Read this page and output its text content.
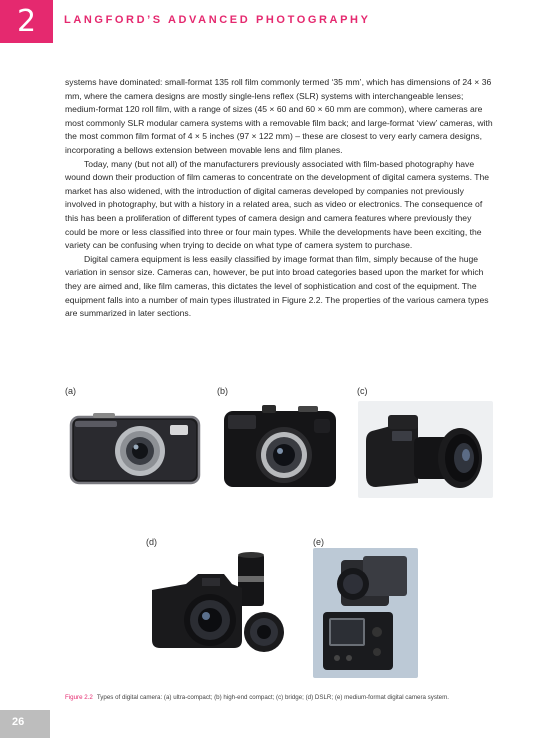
2	LANGFORD’S ADVANCED PHOTOGRAPHY

systems have dominated: small-format 135 roll film commonly termed ‘35 mm’, which has dimensions of 24 × 36 mm, where the camera designs are mostly single-lens reflex (SLR) systems with interchangeable lenses; medium-format 120 roll film, with a range of sizes (45 × 60 and 60 × 60 mm are common), where cameras are most commonly SLR modular camera systems with a removable film back; and large-format ‘view’ cameras, with the most common film format of 4 × 5 inches (97 × 122 mm) – these are closest to very early camera designs, incorporating a bellows extension between movable lens and film planes.

Today, many (but not all) of the manufacturers previously associated with film-based photography have wound down their production of film cameras to concentrate on the development of digital camera systems. The market has also widened, with the introduction of digital cameras developed by companies not previously involved in photography, but with a history in a related area, such as video or electronics. The consequence of this has been a proliferation of different types of camera design and camera features where previously they could be more or less classified into three or four main types. While the developments have been exciting, the variety can be confusing when trying to decide on what type of camera system to purchase.

Digital camera equipment is less easily classified by image format than film, simply because of the huge variation in sensor size. Cameras can, however, be put into broad categories based upon the market for which they are aimed and, like film cameras, this dictates the level of sophistication and cost of the equipment. The equipment falls into a number of main types illustrated in Figure 2.2. The properties of the various camera types are summarized in later sections.

(a)	(b)	(c)
(d)	(e)
Figure 2.2 Types of digital camera: (a) ultra-compact; (b) high-end compact; (c) bridge; (d) DSLR; (e) medium-format digital camera system.
26
